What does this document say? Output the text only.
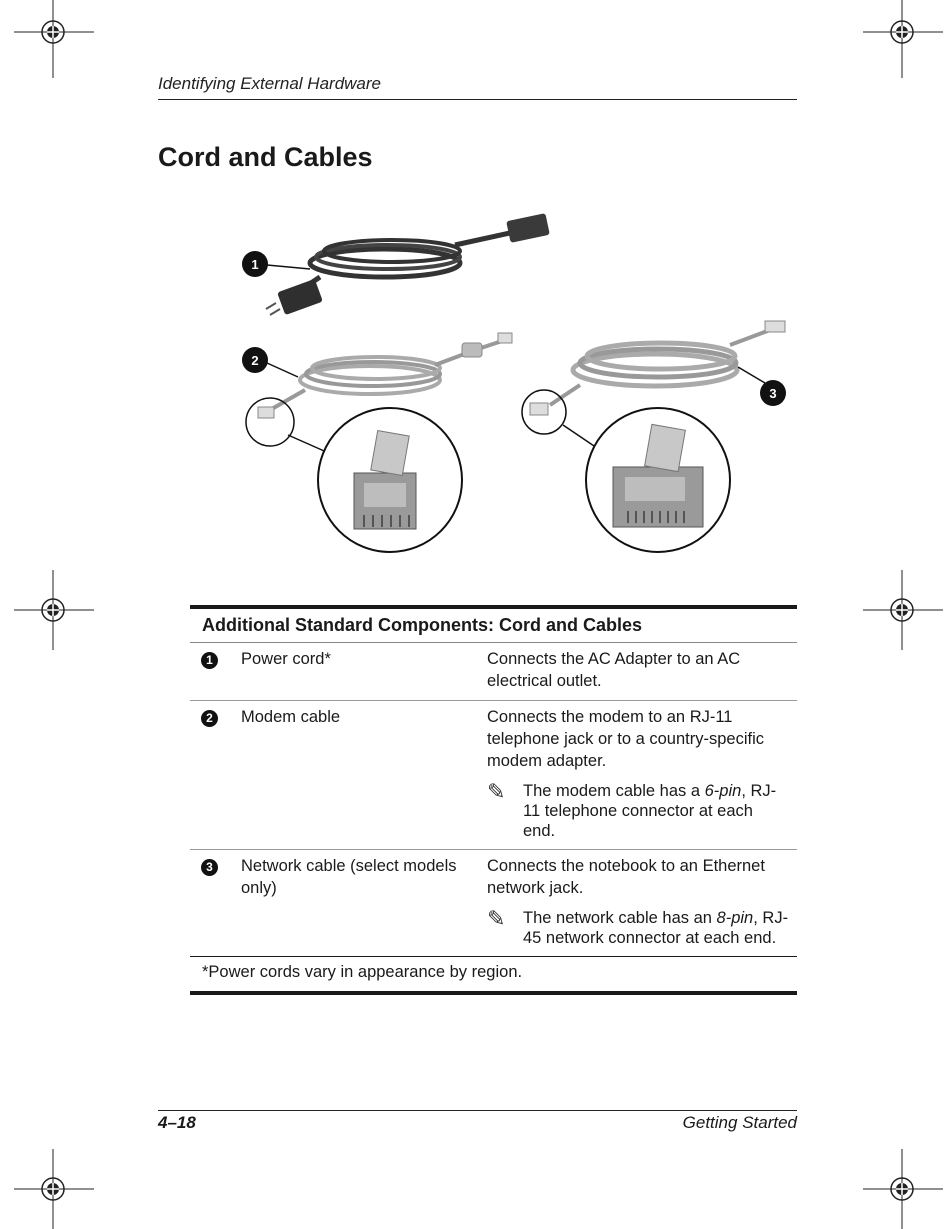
Identifying External Hardware
Cord and Cables
1
2
3
Additional Standard Components: Cord and Cables		
1	Power cord*	Connects the AC Adapter to an AC electrical outlet.

2	Modem cable	Connects the modem to an RJ-11 telephone jack or to a country-specific modem adapter.
✎ The modem cable has a 6-pin, RJ-11 telephone connector at each end.

3	Network cable (select models only)	Connects the notebook to an Ethernet network jack.
✎ The network cable has an 8-pin, RJ-45 network connector at each end.

*Power cords vary in appearance by region.		
4–18	Getting Started
